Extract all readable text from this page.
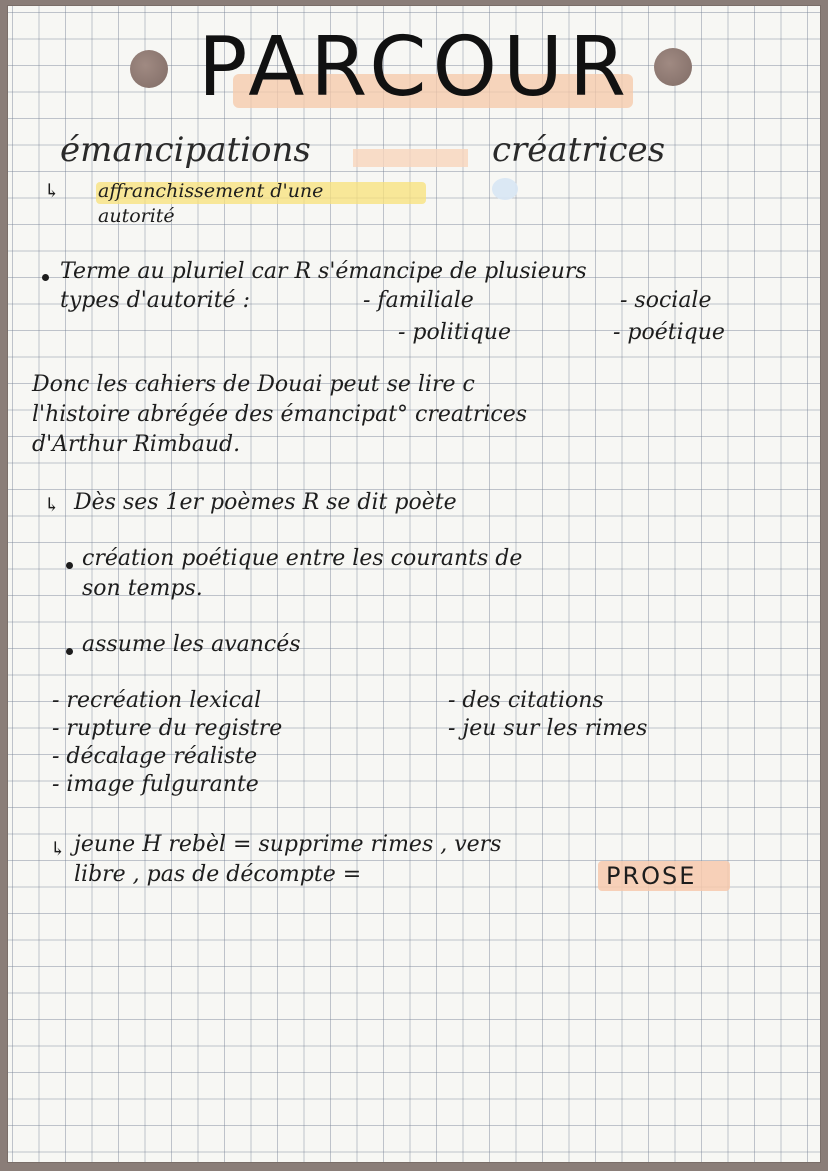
PARCOUR
émancipations	créatrices
↳ affranchissement d'une
autorité
Terme au pluriel car R s'émancipe de plusieurs
types d'autorité :	- familiale	- sociale
- politique	- poétique
Donc les cahiers de Douai peut se lire c
l'histoire abrégée des émancipat° creatrices
d'Arthur Rimbaud.
↳ Dès ses 1er poèmes R se dit poète
création poétique entre les courants de
son temps.
assume les avancés
- recréation lexical
- rupture du registre
- décalage réaliste
- image fulgurante
- des citations
- jeu sur les rimes
↳ jeune H rebèl = supprime rimes , vers
libre , pas de décompte =	PROSE
